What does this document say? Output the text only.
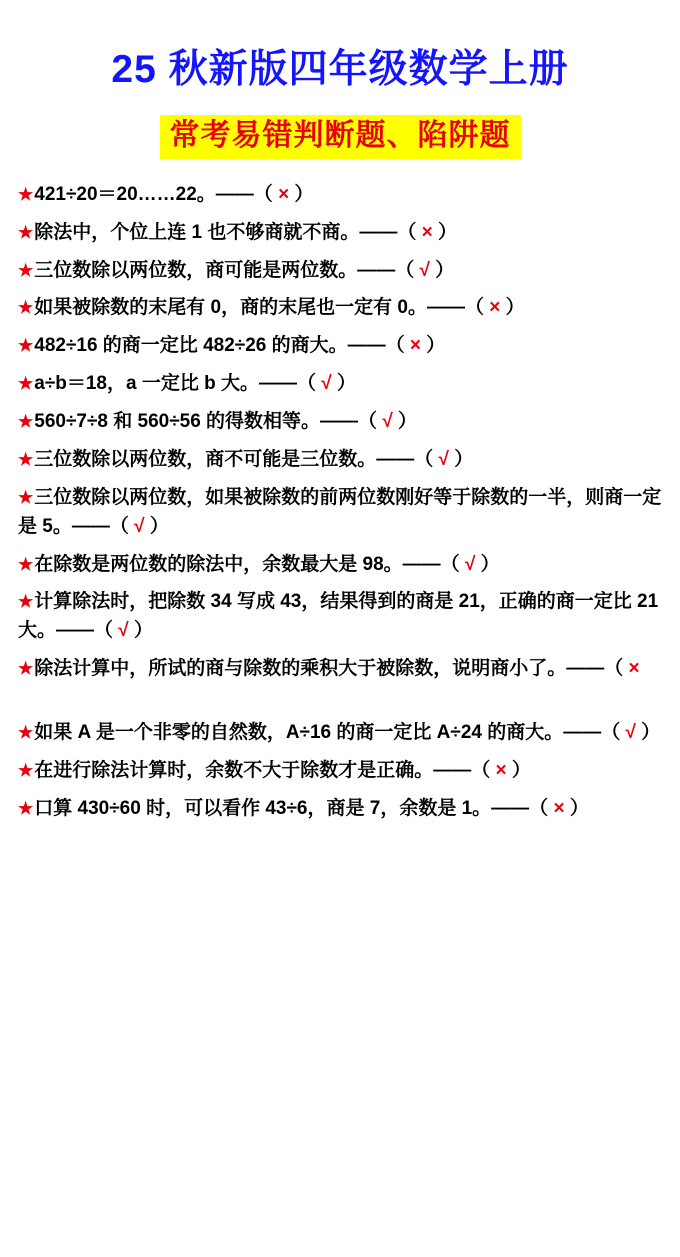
25 秋新版四年级数学上册
常考易错判断题、陷阱题
★421÷20＝20……22。——（ × ）
★除法中，个位上连 1 也不够商就不商。——（ × ）
★三位数除以两位数，商可能是两位数。——（ √ ）
★如果被除数的末尾有 0，商的末尾也一定有 0。——（ × ）
★482÷16 的商一定比 482÷26 的商大。——（ × ）
★a÷b＝18，a 一定比 b 大。——（ √ ）
★560÷7÷8 和 560÷56 的得数相等。——（ √ ）
★三位数除以两位数，商不可能是三位数。——（ √ ）
★三位数除以两位数，如果被除数的前两位数刚好等于除数的一半，则商一定是 5。——（ √ ）
★在除数是两位数的除法中，余数最大是 98。——（ √ ）
★计算除法时，把除数 34 写成 43，结果得到的商是 21，正确的商一定比 21 大。——（ √ ）
★除法计算中，所试的商与除数的乘积大于被除数，说明商小了。——（ ×
★如果 A 是一个非零的自然数，A÷16 的商一定比 A÷24 的商大。——（ √ ）
★在进行除法计算时，余数不大于除数才是正确。——（ × ）
★口算 430÷60 时，可以看作 43÷6，商是 7，余数是 1。——（ × ）
